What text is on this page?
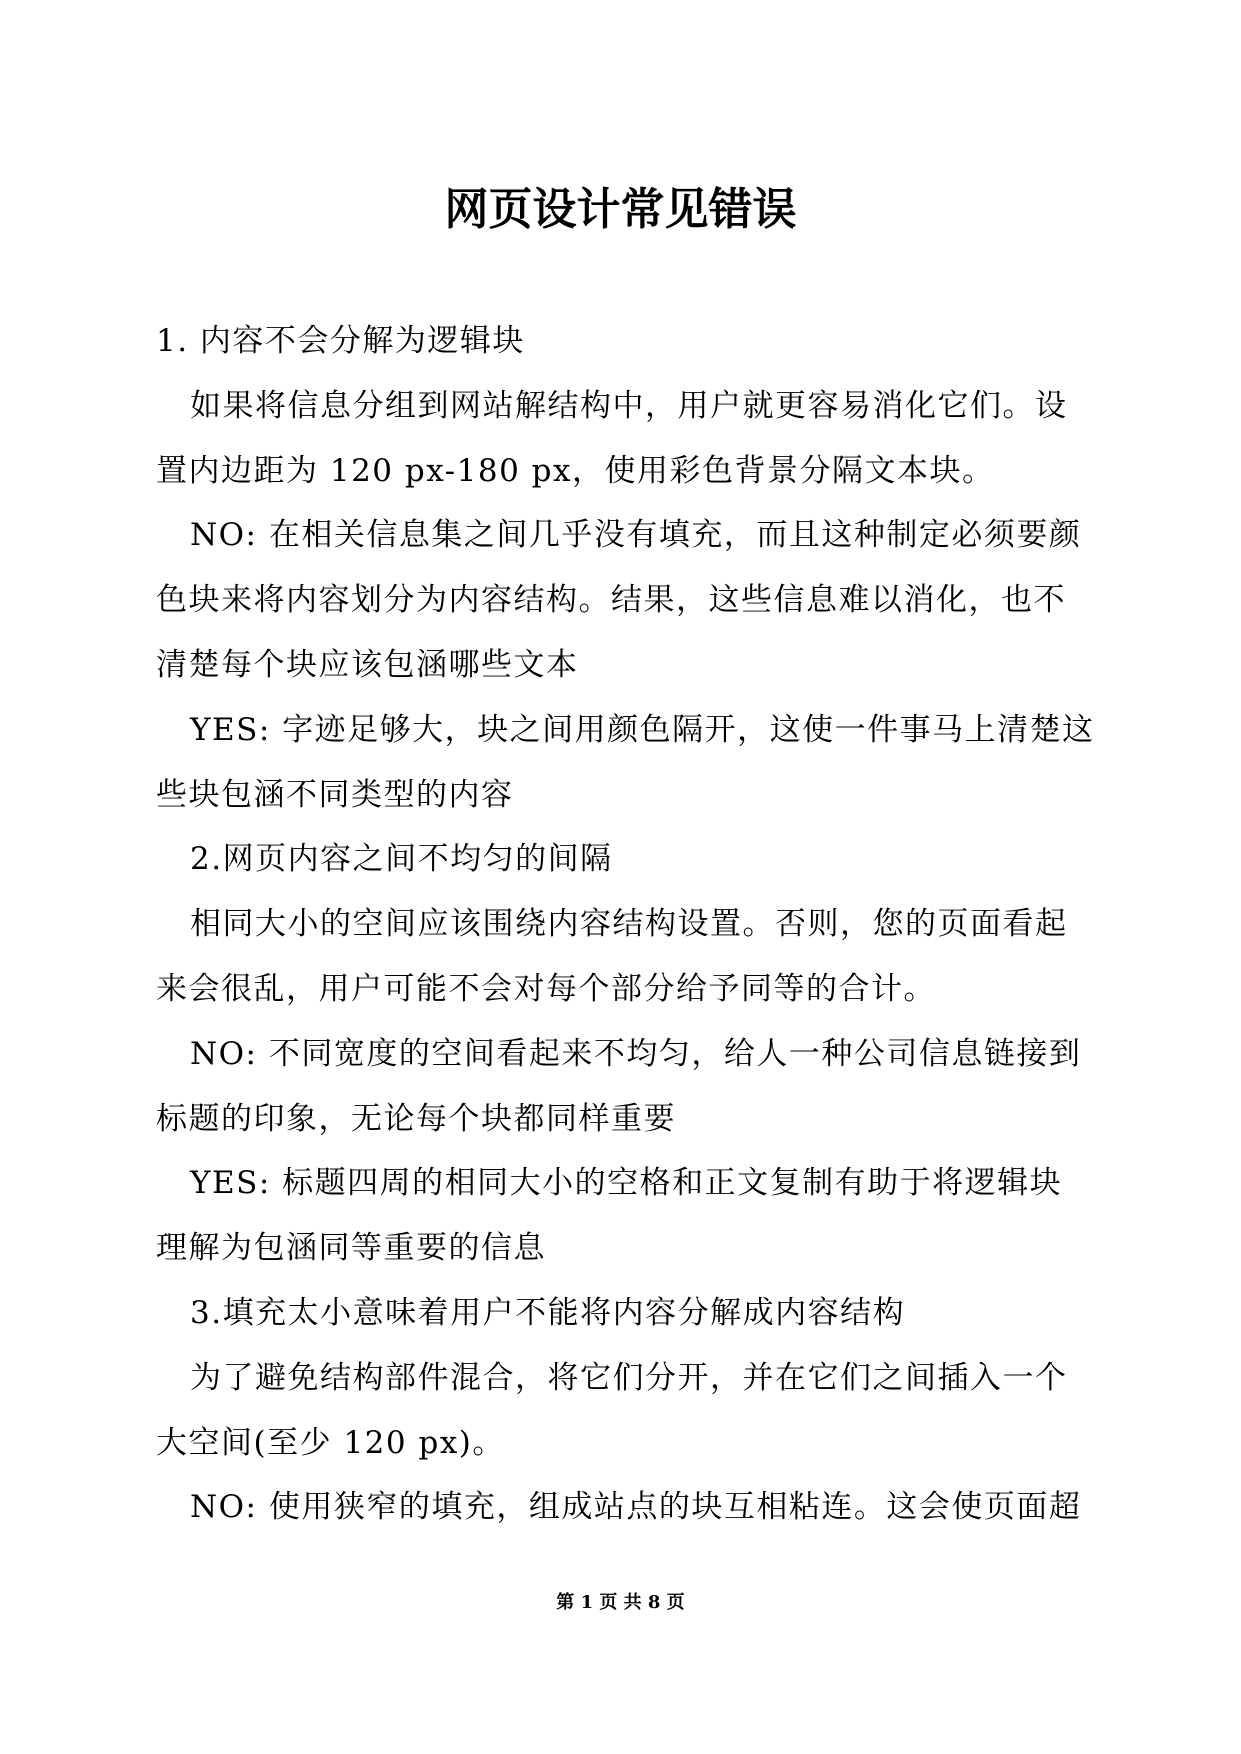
网页设计常见错误

1. 内容不会分解为逻辑块

如果将信息分组到网站解结构中，用户就更容易消化它们。设

置内边距为 120 px-180 px，使用彩色背景分隔文本块。

NO: 在相关信息集之间几乎没有填充，而且这种制定必须要颜

色块来将内容划分为内容结构。结果，这些信息难以消化，也不
清楚每个块应该包涵哪些文本

YES: 字迹足够大，块之间用颜色隔开，这使一件事马上清楚这

些块包涵不同类型的内容

2.网页内容之间不均匀的间隔

相同大小的空间应该围绕内容结构设置。否则，您的页面看起

来会很乱，用户可能不会对每个部分给予同等的合计。

NO: 不同宽度的空间看起来不均匀，给人一种公司信息链接到

标题的印象，无论每个块都同样重要

YES: 标题四周的相同大小的空格和正文复制有助于将逻辑块

理解为包涵同等重要的信息

3.填充太小意味着用户不能将内容分解成内容结构

为了避免结构部件混合，将它们分开，并在它们之间插入一个

大空间(至少 120 px)。

NO: 使用狭窄的填充，组成站点的块互相粘连。这会使页面超

第 1 页 共 8 页
